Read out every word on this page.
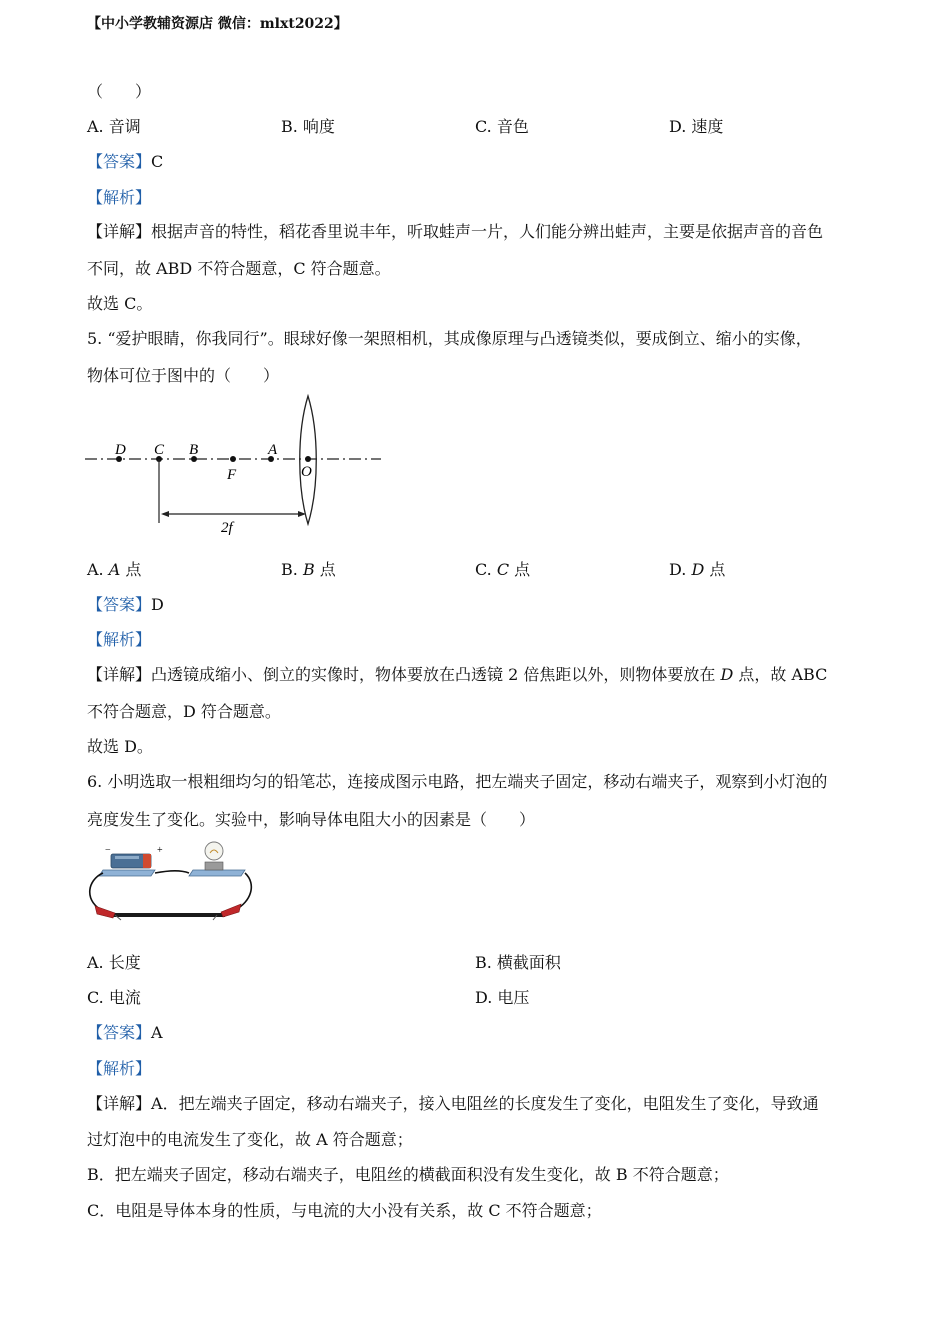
【中小学教辅资源店 微信：mlxt2022】
（　　）
A. 音调	B. 响度	C. 音色	D. 速度
【答案】C
【解析】
【详解】根据声音的特性，稻花香里说丰年，听取蛙声一片，人们能分辨出蛙声，主要是依据声音的音色
不同，故 ABD 不符合题意，C 符合题意。
故选 C。
5. “爱护眼睛，你我同行”。眼球好像一架照相机，其成像原理与凸透镜类似，要成倒立、缩小的实像，
物体可位于图中的（　　）
D C B
F
A
O
2f
A. A 点	B. B 点	C. C 点	D. D 点
【答案】D
【解析】
【详解】凸透镜成缩小、倒立的实像时，物体要放在凸透镜 2 倍焦距以外，则物体要放在 D 点，故 ABC
不符合题意，D 符合题意。
故选 D。
6. 小明选取一根粗细均匀的铅笔芯，连接成图示电路，把左端夹子固定，移动右端夹子，观察到小灯泡的
亮度发生了变化。实验中，影响导体电阻大小的因素是（　　）
−	+
A. 长度	B. 横截面积
C. 电流	D. 电压
【答案】A
【解析】
【详解】A．把左端夹子固定，移动右端夹子，接入电阻丝的长度发生了变化，电阻发生了变化，导致通
过灯泡中的电流发生了变化，故 A 符合题意；
B．把左端夹子固定，移动右端夹子，电阻丝的横截面积没有发生变化，故 B 不符合题意；
C．电阻是导体本身的性质，与电流的大小没有关系，故 C 不符合题意；
